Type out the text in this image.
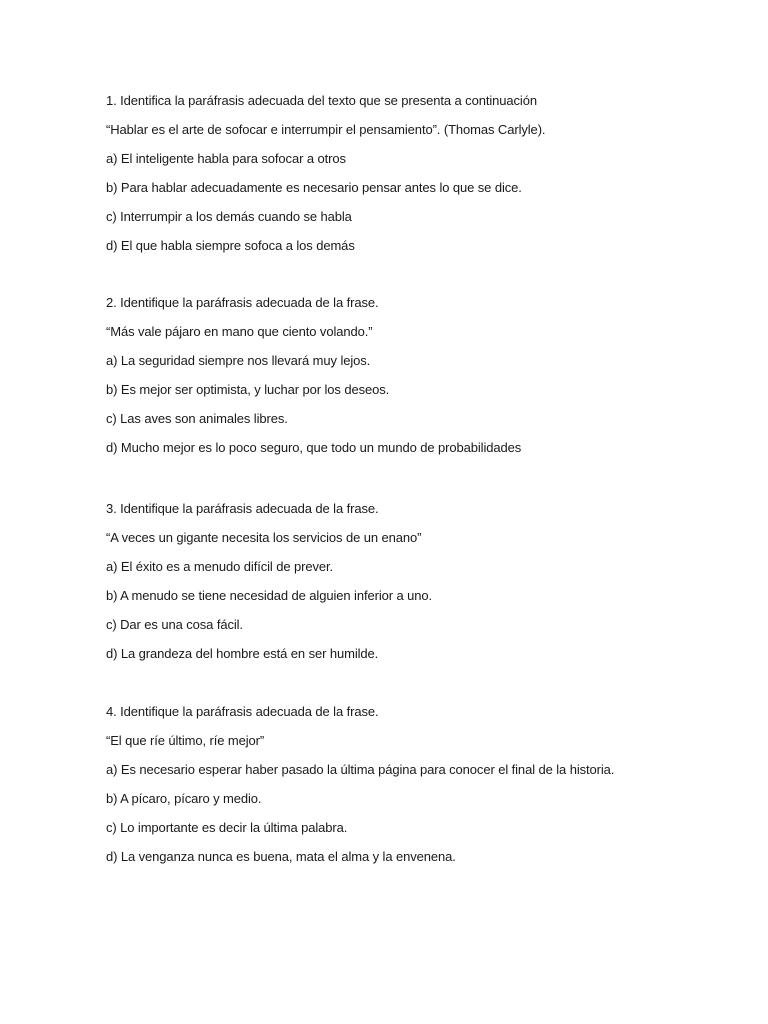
1. Identifica la paráfrasis adecuada del texto que se presenta a continuación
“Hablar es el arte de sofocar e interrumpir el pensamiento”. (Thomas Carlyle).
a) El inteligente habla para sofocar a otros
b) Para hablar adecuadamente es necesario pensar antes lo que se dice.
c) Interrumpir a los demás cuando se habla
d) El que habla siempre sofoca a los demás
2. Identifique la paráfrasis adecuada de la frase.
“Más vale pájaro en mano que ciento volando.”
a) La seguridad siempre nos llevará muy lejos.
b) Es mejor ser optimista, y luchar por los deseos.
c) Las aves son animales libres.
d) Mucho mejor es lo poco seguro, que todo un mundo de probabilidades
3. Identifique la paráfrasis adecuada de la frase.
“A veces un gigante necesita los servicios de un enano”
a) El éxito es a menudo difícil de prever.
b) A menudo se tiene necesidad de alguien inferior a uno.
c) Dar es una cosa fácil.
d) La grandeza del hombre está en ser humilde.
4. Identifique la paráfrasis adecuada de la frase.
“El que ríe último, ríe mejor”
a) Es necesario esperar haber pasado la última página para conocer el final de la historia.
b) A pícaro, pícaro y medio.
c) Lo importante es decir la última palabra.
d) La venganza nunca es buena, mata el alma y la envenena.
